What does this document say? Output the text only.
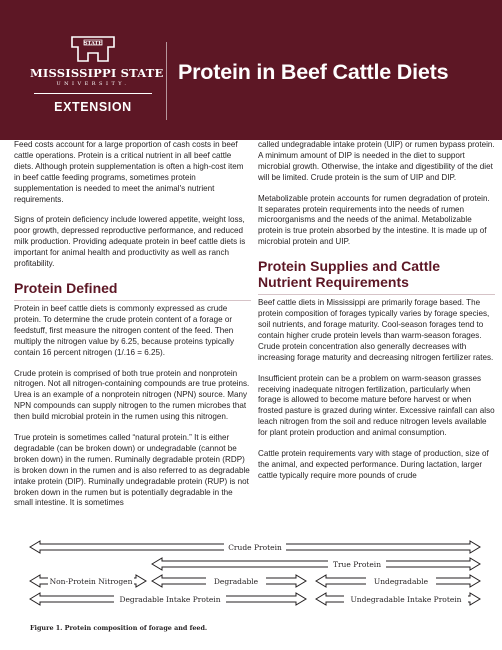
STATE
MISSISSIPPI STATE
UNIVERSITY.
EXTENSION
Protein in Beef Cattle Diets

Feed costs account for a large proportion of cash costs in beef cattle operations. Protein is a critical nutrient in all beef cattle diets. Although protein supplementation is often a high-cost item in beef cattle feeding programs, sometimes protein supplementation is needed to meet the animal's nutrient requirements.

Signs of protein deficiency include lowered appetite, weight loss, poor growth, depressed reproductive performance, and reduced milk production. Providing adequate protein in beef cattle diets is important for animal health and productivity as well as ranch profitability.

Protein Defined

Protein in beef cattle diets is commonly expressed as crude protein. To determine the crude protein content of a forage or feedstuff, first measure the nitrogen content of the feed. Then multiply the nitrogen value by 6.25, because proteins typically contain 16 percent nitrogen (1/.16 = 6.25).

Crude protein is comprised of both true protein and nonprotein nitrogen. Not all nitrogen-containing compounds are true proteins. Urea is an example of a nonprotein nitrogen (NPN) source. Many NPN compounds can supply nitrogen to the rumen microbes that then build microbial protein in the rumen using this nitrogen.

True protein is sometimes called “natural protein.” It is either degradable (can be broken down) or undegradable (cannot be broken down) in the rumen. Ruminally degradable protein (RDP) is broken down in the rumen and is also referred to as degradable intake protein (DIP). Ruminally undegradable protein (RUP) is not broken down in the rumen but is potentially degradable in the small intestine. It is sometimes

called undegradable intake protein (UIP) or rumen bypass protein. A minimum amount of DIP is needed in the diet to support microbial growth. Otherwise, the intake and digestibility of the diet will be limited. Crude protein is the sum of UIP and DIP.

Metabolizable protein accounts for rumen degradation of protein. It separates protein requirements into the needs of rumen microorganisms and the needs of the animal. Metabolizable protein is true protein absorbed by the intestine. It is made up of microbial protein and UIP.

Protein Supplies and Cattle Nutrient Requirements

Beef cattle diets in Mississippi are primarily forage based. The protein composition of forages typically varies by forage species, soil nutrients, and forage maturity. Cool-season forages tend to contain higher crude protein levels than warm-season forages. Crude protein concentration also generally decreases with increasing forage maturity and decreasing nitrogen fertilizer rates.

Insufficient protein can be a problem on warm-season grasses receiving inadequate nitrogen fertilization, particularly when forage is allowed to become mature before harvest or when frosted pasture is grazed during winter. Excessive rainfall can also leach nitrogen from the soil and reduce nitrogen levels available for plant protein production and animal consumption.

Cattle protein requirements vary with stage of production, size of the animal, and expected performance. During lactation, larger cattle typically require more pounds of crude

Crude Protein
True Protein
Non-Protein Nitrogen	Degradable	Undegradable
Degradable Intake Protein	Undegradable Intake Protein
Figure 1. Protein composition of forage and feed.
